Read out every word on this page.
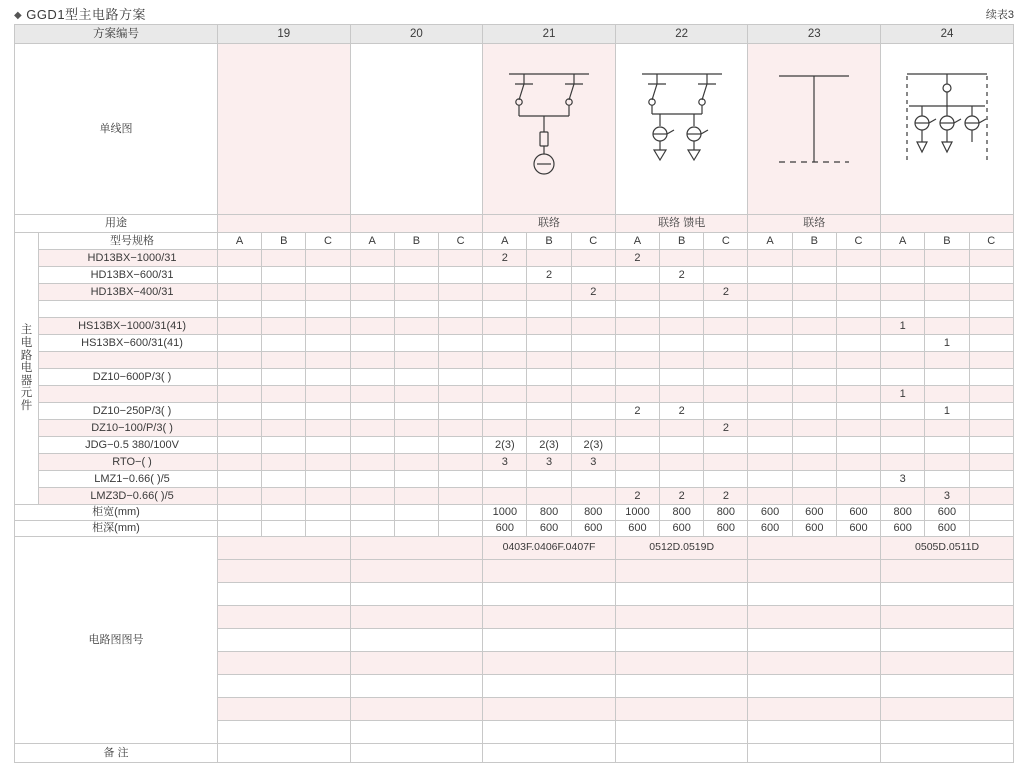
◆ GGD1型主电路方案	续表3
方案编号		19			20			21			22			23			24		
单线图			

用途								联络			联络 馈电			联络					

主
电
路
电
器
元
件
	型号规格	A	B	C	A	B	C	A	B	C	A	B	C	A	B	C	A	B	C
	HD13BX−1000/31							2			2								
	HD13BX−600/31								2			2							
	HD13BX−400/31									2			2						

	HS13BX−1000/31(41)																1		
	HS13BX−600/31(41)																	1	

	DZ10−600P/3( )																		
																	1		
	DZ10−250P/3( )										2	2						1	
	DZ10−100/P/3( )												2						
	JDG−0.5 380/100V							2(3)	2(3)	2(3)									
	RTO−( )							3	3	3									
	LMZ1−0.66( )/5																3		
	LMZ3D−0.66( )/5										2	2	2					3	
柜宽(mm)								1000	800	800	1000	800	800	600	600	600	800	600	
柜深(mm)								600	600	600	600	600	600	600	600	600	600	600	
电路图图号								0403F.0406F.0407F			0512D.0519D						0505D.0511D		

备 注																			
